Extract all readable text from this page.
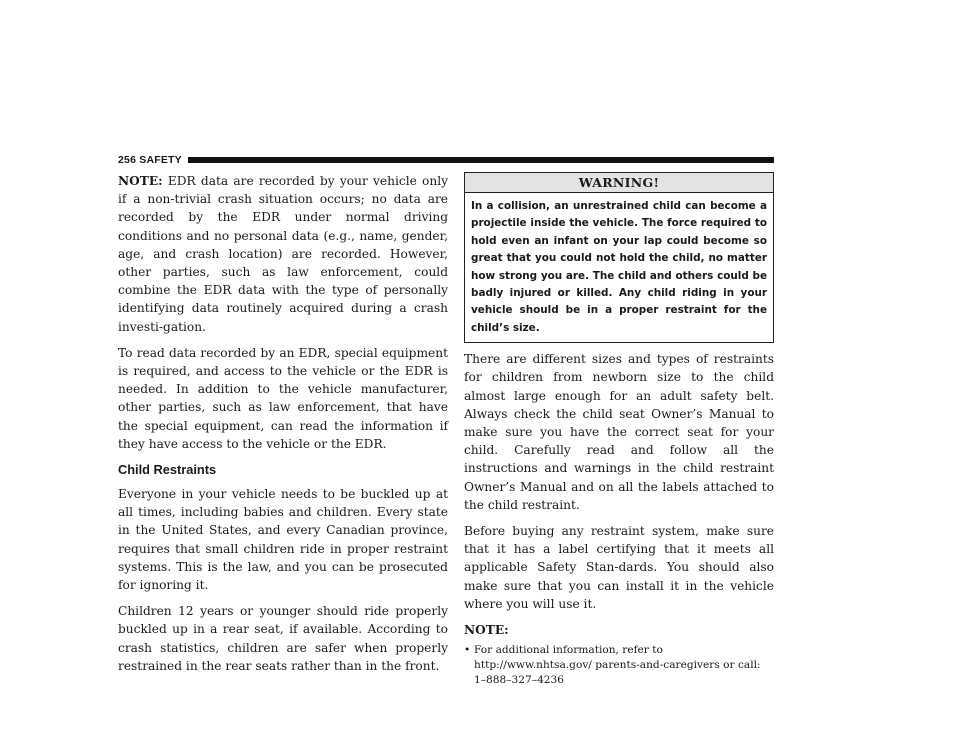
256 SAFETY

NOTE: EDR data are recorded by your vehicle only if a non-trivial crash situation occurs; no data are recorded by the EDR under normal driving conditions and no personal data (e.g., name, gender, age, and crash location) are recorded. However, other parties, such as law enforcement, could combine the EDR data with the type of personally identifying data routinely acquired during a crash investi-gation.

To read data recorded by an EDR, special equipment is required, and access to the vehicle or the EDR is needed. In addition to the vehicle manufacturer, other parties, such as law enforcement, that have the special equipment, can read the information if they have access to the vehicle or the EDR.

Child Restraints

Everyone in your vehicle needs to be buckled up at all times, including babies and children. Every state in the United States, and every Canadian province, requires that small children ride in proper restraint systems. This is the law, and you can be prosecuted for ignoring it.

Children 12 years or younger should ride properly buckled up in a rear seat, if available. According to crash statistics, children are safer when properly restrained in the rear seats rather than in the front.

WARNING!
In a collision, an unrestrained child can become a projectile inside the vehicle. The force required to hold even an infant on your lap could become so great that you could not hold the child, no matter how strong you are. The child and others could be badly injured or killed. Any child riding in your vehicle should be in a proper restraint for the child’s size.

There are different sizes and types of restraints for children from newborn size to the child almost large enough for an adult safety belt. Always check the child seat Owner’s Manual to make sure you have the correct seat for your child. Carefully read and follow all the instructions and warnings in the child restraint Owner’s Manual and on all the labels attached to the child restraint.

Before buying any restraint system, make sure that it has a label certifying that it meets all applicable Safety Stan-dards. You should also make sure that you can install it in the vehicle where you will use it.

NOTE:

• For additional information, refer to http://www.nhtsa.gov/ parents-and-caregivers or call: 1–888–327–4236
